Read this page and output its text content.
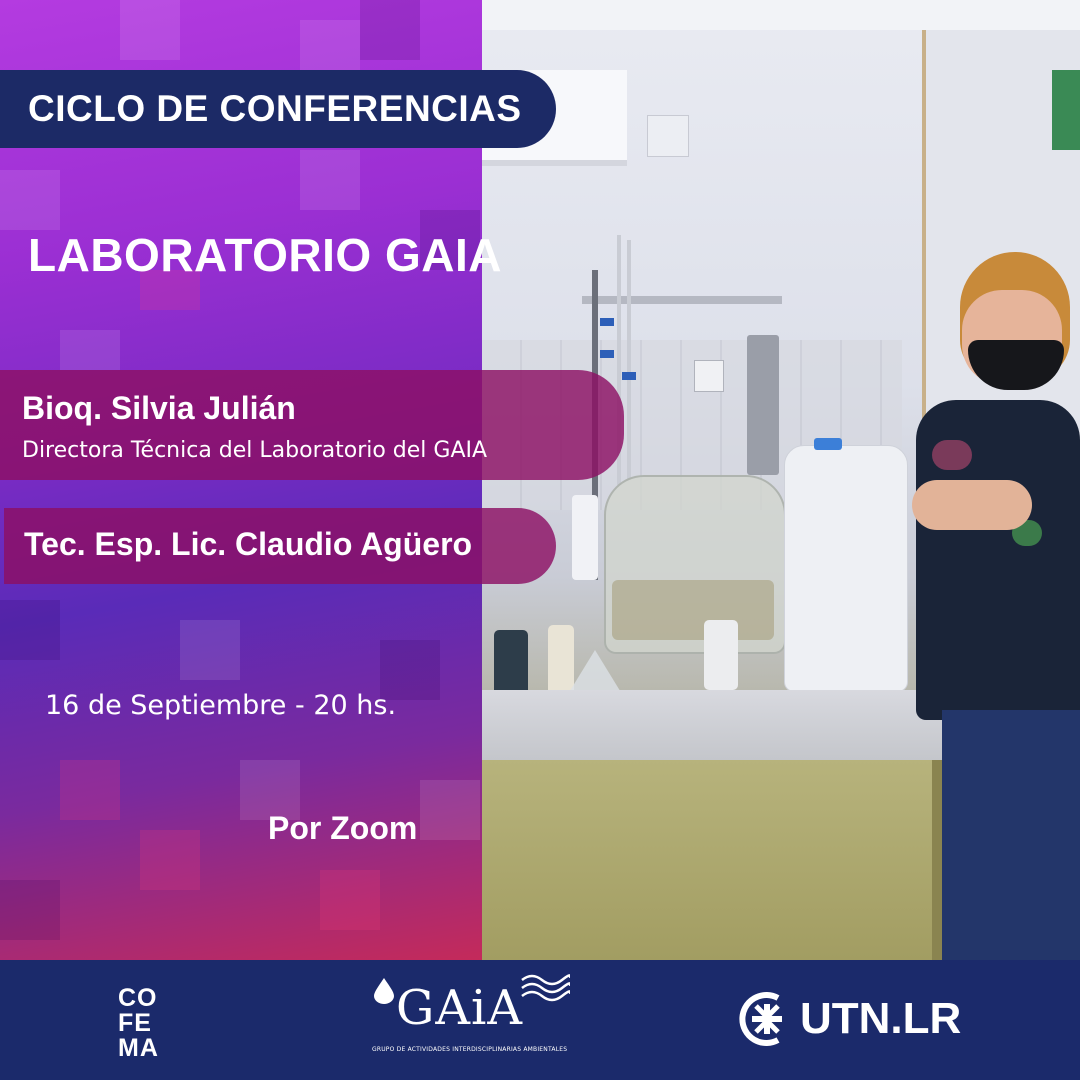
CICLO DE CONFERENCIAS
LABORATORIO GAIA
Bioq. Silvia Julián
Directora Técnica del Laboratorio del GAIA
Tec. Esp. Lic. Claudio Agüero
16 de Septiembre - 20 hs.
Por Zoom
CO
FE
MA
GAiA
GRUPO DE ACTIVIDADES INTERDISCIPLINARIAS AMBIENTALES
UTN.LR
